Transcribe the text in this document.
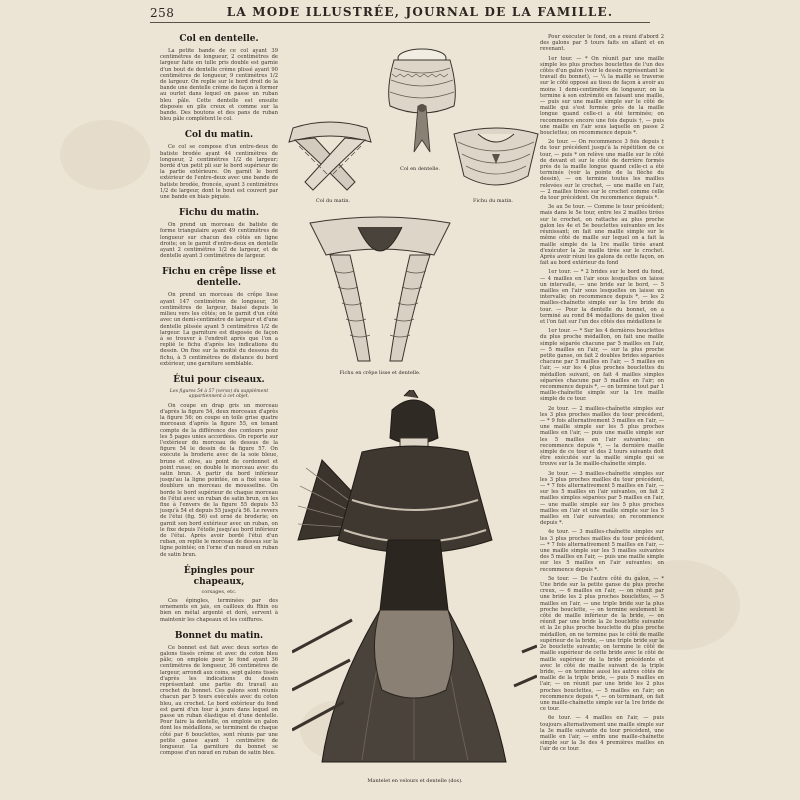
258	LA MODE ILLUSTRÉE, JOURNAL DE LA FAMILLE.
Col en dentelle.

La petite bande de ce col ayant 39 centimètres de longueur, 2 centimètres de largeur faite en tulle pris double est garnie d'un bout de dentelle crème plissé ayant 90 centimètres de longueur, 9 centimètres 1/2 de largeur. On replie sur le bord droit de la bande une dentelle crème de façon à former au ourlet dans lequel on passe un ruban bleu pâle. Cette dentelle est ensuite disposée en plis creux et comme sur la bande. Des boutons et des pans de ruban bleu pâle complètent le col.

Col du matin.

Ce col se compose d'un entre-deux de batiste brodée ayant 44 centimètres de longueur, 2 centimètres 1/2 de largeur; bordé d'un petit pli sur le bord supérieur de la partie extérieure. On garnit le bord extérieur de l'entre-deux avec une bande de batiste brodée, froncée, ayant 3 centimètres 1/2 de largeur, dont le bout est couvert par une bande en biais piquée.

Fichu du matin.

On prend un morceau de batiste de forme triangulaire ayant 49 centimètres de longueur sur chacun des côtés en ligne droite; on le garnit d'entre-deux en dentelle ayant 2 centimètres 1/2 de largeur, et de dentelle ayant 3 centimètres de largeur.

Fichu en crêpe lisse et dentelle.

On prend un morceau de crêpe lisse ayant 147 centimètres de longueur, 36 centimètres de largeur, biaisé depuis le milieu vers les côtés; on le garnit d'un côté avec un demi-centimètre de largeur et d'une dentelle plissée ayant 5 centimètres 1/2 de largeur. La garniture est disposée de façon à se trouver à l'endroit après que l'on a replié le fichu d'après les indications du dessin. On fixe sur la moitié du dessous du fichu, à 5 centimètres de distance du bord extérieur, une garniture semblable.

Étui pour ciseaux.
Les figures 54 à 57 (verso) du supplément appartiennent à cet objet.

On coupe en drap gris un morceau d'après la figure 54, deux morceaux d'après la figure 56; on coupe en toile grise quatre morceaux d'après la figure 55, en tenant compte de la différence des contours pour les 5 pages unies accordées. On reporte sur l'extérieur du morceau de dessus de la figure 54 le dessin de la figure 57. On exécute la broderie avec de la soie bleue, brune et olive, au point de cordonnet et point russe; on double le morceau avec du satin brun. A partir du bord inférieur jusqu'au la ligne pointée, on a fixé sous la doublure un morceau de mousseline. On borde le bord supérieur de chaque morceau de l'étui avec un ruban de satin brun, on les fixe à l'envers de la figure 55 depuis 53 jusqu'à 54 et depuis 55 jusqu'à 56. Le revers de l'étui (fig. 56) est orné de broderie; on garnit son bord extérieur avec un ruban, on le fixe depuis l'étoile jusqu'au bord inférieur de l'étui. Après avoir bordé l'étui d'un ruban, on replie le morceau de dessus sur la ligne pointée; on l'orne d'un nœud en ruban de satin brun.

Épingles pour chapeaux,
corsages, etc.

Ces épingles, terminées par des ornements en jais, en cailloux du Rhin ou bien en métal argenté et doré, servent à maintenir les chapeaux et les coiffures.

Bonnet du matin.

Ce bonnet est fait avec deux sortes de galons tissés crème et avec du coton bleu pâle; on emploie pour le fond ayant 36 centimètres de longueur, 36 centimètres de largeur, arrondi aux coins, sept galons tissés d'après les indications du dessin représentant une partie du travail au crochet du bonnet. Ces galons sont réunis chacun par 5 tours exécutés avec du coton bleu, au crochet. Le bord extérieur du fond est garni d'un tour à jours dans lequel on passe un ruban élastique et d'une dentelle. Pour faire la dentelle, on emploie un galon dont les médaillons, se terminent de chaque côté par 6 bouclettes, sont réunis par une petite ganse ayant 1 centimètre de longueur. La garniture du bonnet se compose d'un nœud en ruban de satin bleu.

Pour exécuter le fond, on a réuni d'abord 2 des galons par 5 tours faits en allant et en revenant.

1er tour. — * On réunit par une maille simple les plus proches bouclettes de l'un des côtés d'un galon (voir le dessin représentant le travail du bonnet), — ¼ la maille se traverse sur le côté opposé au tissu de façon à avoir au moins 1 demi-centimètre de longueur; on la termine à son extrémité en faisant une maille, — puis sur une maille simple sur le côté de maille qui s'est formée près de la maille longue quand celle-ci a été terminée; on recommence encore une fois depuis †, — puis une maille en l'air sous laquelle on passe 2 bouclettes; on recommence depuis *.

2e tour. — On recommence 3 fois depuis ‡ du tour précédent jusqu'à la répétition de ce tour, — puis * on relève une maille sur le côté de devant et sur le côté de derrière formés près de la maille longue quand celle-ci a été terminée (voir la pointe de la flèche du dessin), — on termine toutes les mailles relevées sur le crochet, — une maille en l'air, — 2 mailles tirées sur le crochet comme celle du tour précédent. On recommence depuis *.

3e au 5e tour. — Comme le tour précédent; mais dans le 5e tour, entre les 2 mailles tirées sur le crochet, on rattache au plus proche galon les 4e et 5e bouclettes suivantes en les réunissant; on fait une maille simple sur le même côté de maille sur lequel on a fait la maille simple de la 1re maille tirée avant d'exécuter la 2e maille tirée sur le crochet. Après avoir réuni les galons de cette façon, on fait au bord extérieur du fond

1er tour. — * 2 brides sur le bord du fond, — 4 mailles en l'air sous lesquelles on laisse un intervalle, — une bride sur le bord, — 5 mailles en l'air sous lesquelles on laisse un intervalle; on recommence depuis *, — les 2 mailles-chaînette simple sur la 1re bride du tour. — Pour la dentelle du bonnet, on a terminé au rond 84 médaillons de galon tissé et l'on fait sur l'un des côtés des médaillons le

1er tour. — * Sur les 4 dernières bouclettes du plus proche médaillon, on fait une maille simple séparée chacune par 5 mailles en l'air, — 5 mailles en l'air, — sur la plus proche petite ganse, on fait 2 doubles brides séparées chacune par 5 mailles en l'air, — 5 mailles en l'air, — sur les 4 plus proches bouclettes du médaillon suivant, on fait 4 mailles simples séparées chacune par 5 mailles en l'air; on recommence depuis *, — on termine tout par 1 maille-chaînette simple sur la 1re maille simple de ce tour.

2e tour. — 2 mailles-chaînette simples sur les 3 plus proches mailles du tour précédent, — * 9 fois alternativement 3 mailles en l'air, — une maille simple sur les 5 plus proches mailles en l'air, — puis une maille simple sur les 5 mailles en l'air suivantes; on recommence depuis *, — la dernière maille simple de ce tour et des 2 tours suivants doit être exécutée sur la maille simple qui se trouve sur la 3e maille-chaînette simple.

3e tour. — 3 mailles-chaînette simples sur les 3 plus proches mailles du tour précédent, — * 7 fois alternativement 5 mailles en l'air, — sur les 5 mailles en l'air suivantes, on fait 2 mailles simples séparées par 5 mailles en l'air, — une maille simple sur les 5 plus proches mailles en l'air et une maille simple sur les 5 mailles en l'air suivantes; on recommence depuis *.

4e tour. — 3 mailles-chaînette simples sur les 3 plus proches mailles du tour précédent, — * 7 fois alternativement 5 mailles en l'air, — une maille simple sur les 5 mailles suivantes des 5 mailles en l'air, — puis une maille simple sur les 5 mailles en l'air suivantes; on recommence depuis *.

5e tour. — De l'autre côté du galon, — * Une bride sur la petite ganse du plus proche creux, — 6 mailles en l'air, — on réunit par une bride les 2 plus proches bouclettes, — 5 mailles en l'air, — une triple bride sur la plus proche bouclette, — on termine seulement le côté de maille inférieur de la bride, — on réunit par une bride la 2e bouclette suivante et la 2e plus proche bouclette du plus proche médaillon, on ne termine pas le côté de maille supérieur de la bride, — une triple bride sur la 2e bouclette suivante; on termine le côté de maille supérieur de cette bride avec le côté de maille supérieur de la bride précédente et avec le côté de maille suivant de la triple bride, — on termine aussi les autres côtés de maille de la triple bride, — puis 5 mailles en l'air, — on réunit par une bride les 2 plus proches bouclettes, — 5 mailles en l'air; on recommence depuis *, — on terminant, on fait une maille-chaînette simple sur la 1re bride de ce tour.

6e tour. — 4 mailles en l'air, — puis toujours alternativement une maille simple sur la 3e maille suivante du tour précédent, une maille en l'air, — enfin une maille-chaînette simple sur la 3e des 4 premières mailles en l'air de ce tour.

Col en dentelle.
Col du matin.	Fichu du matin.
Fichu en crêpe lisse et dentelle.
Mantelet en velours et dentelle (dos).
